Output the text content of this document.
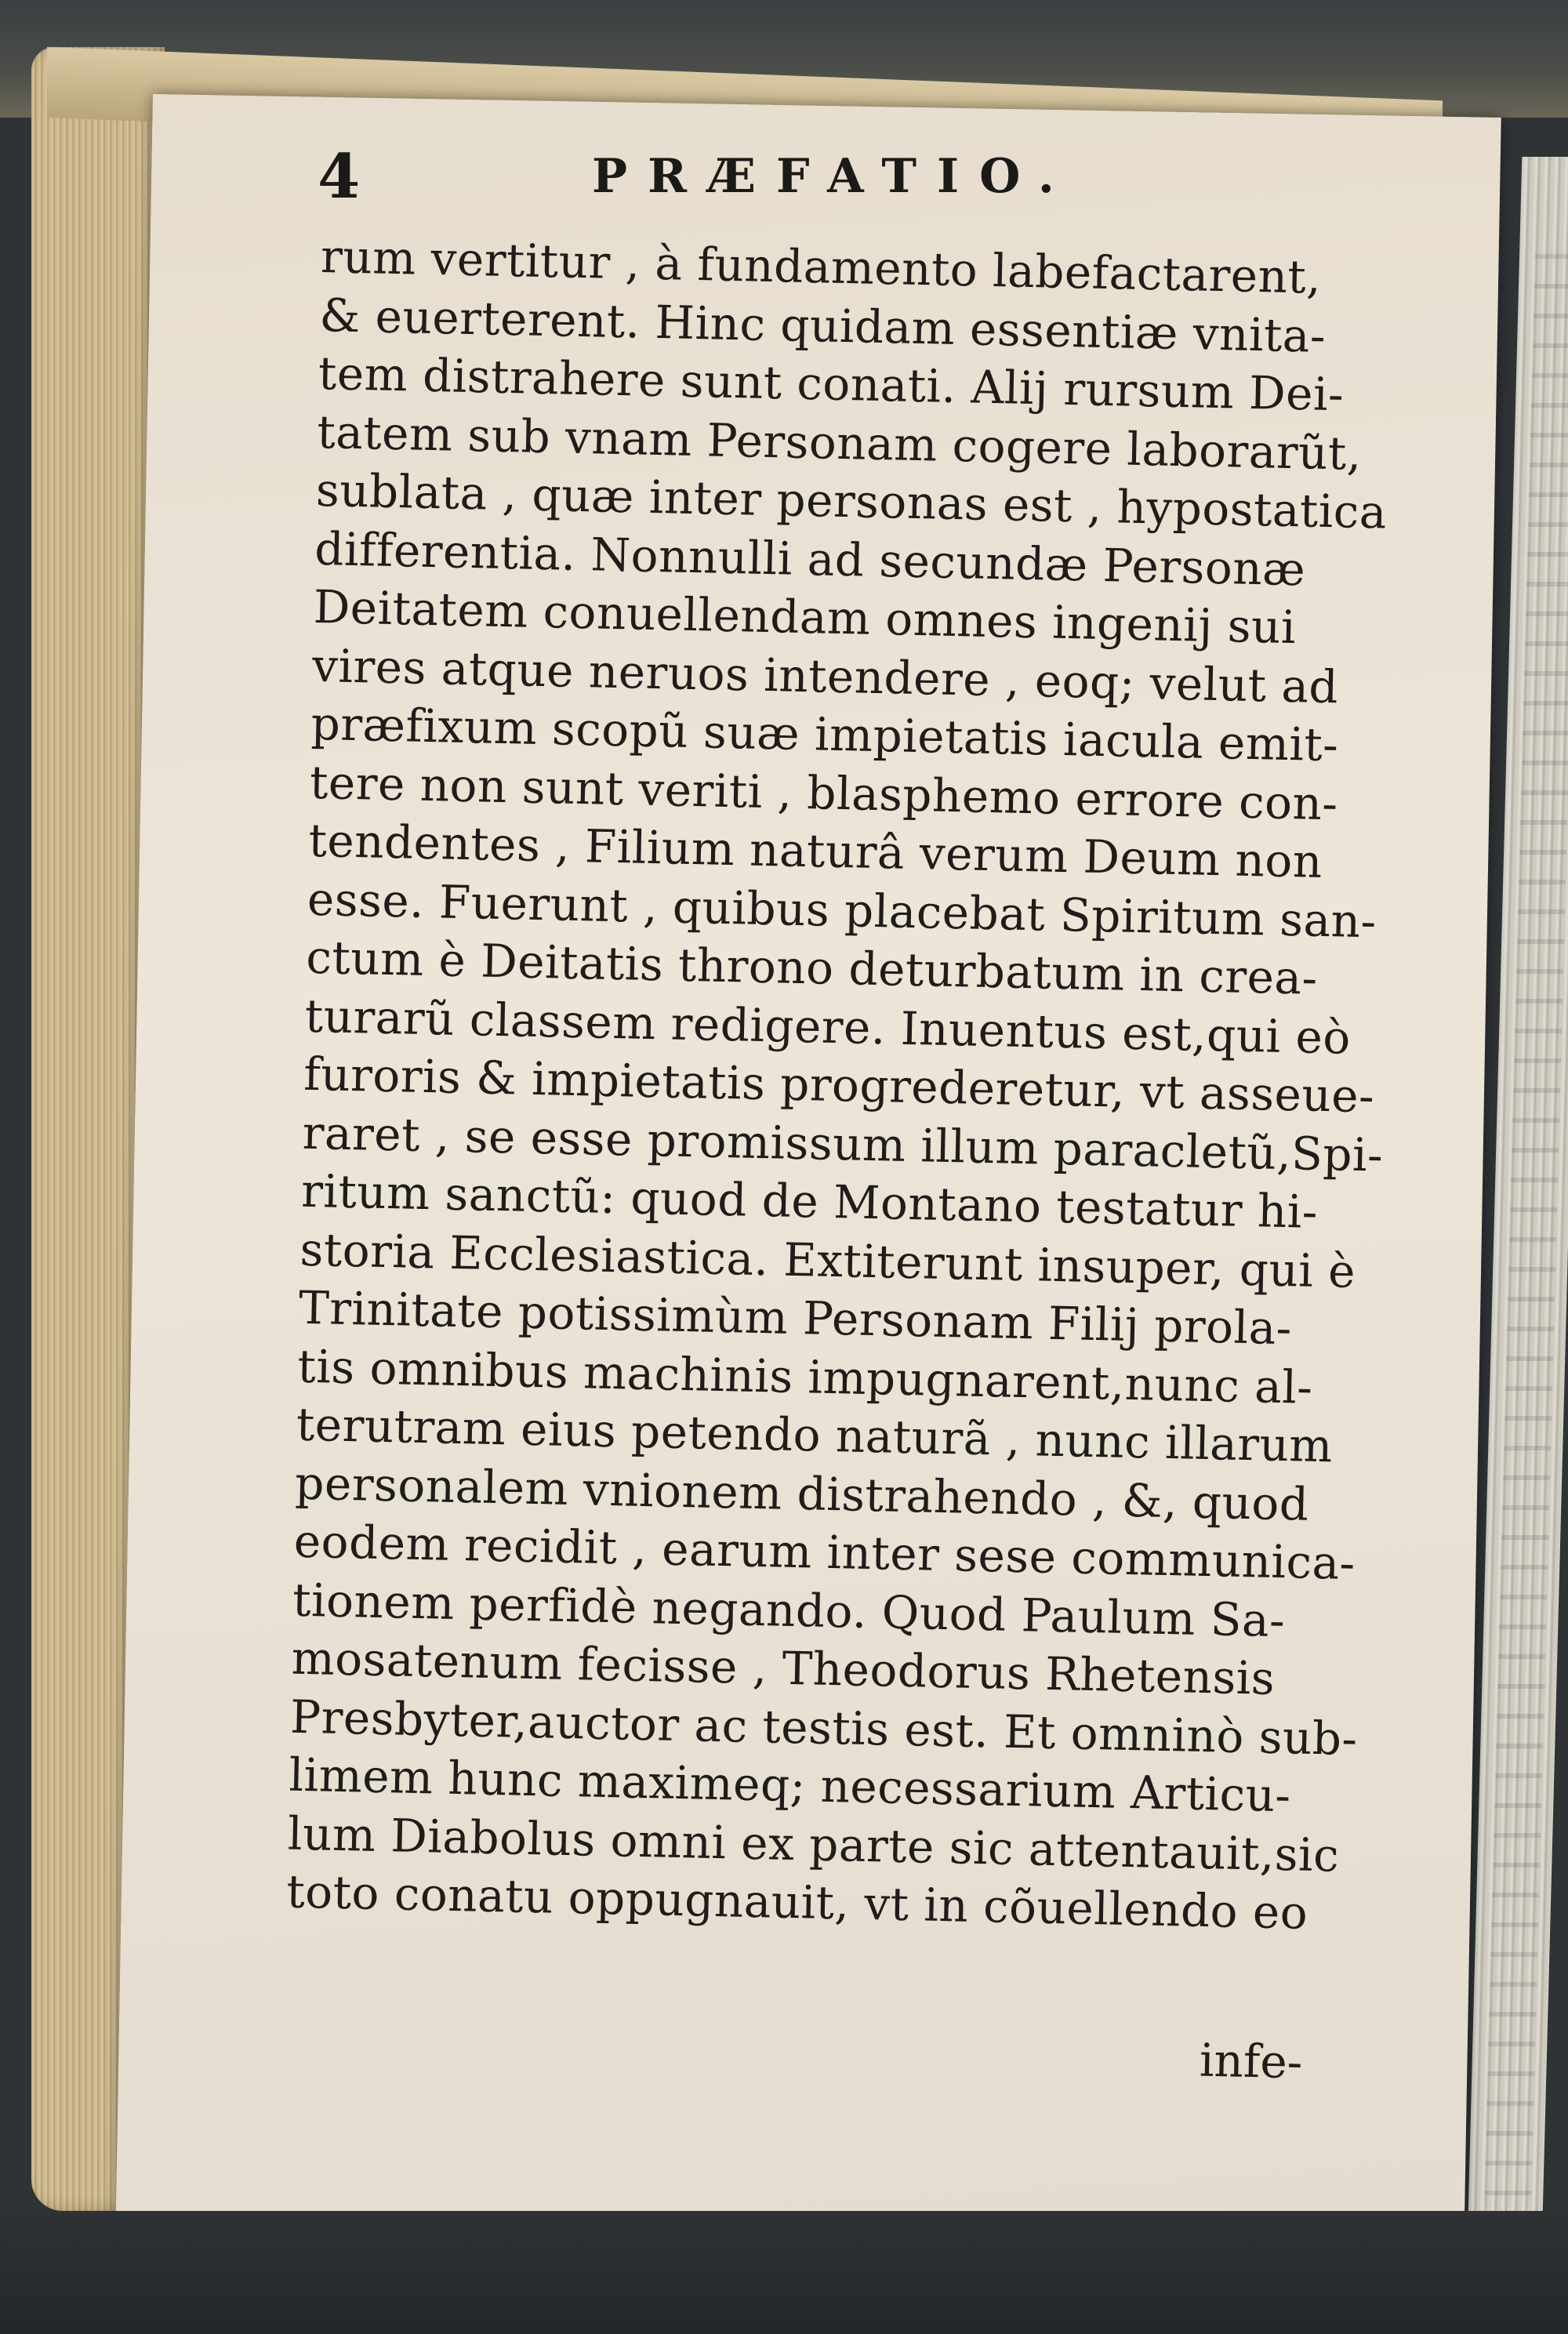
4	PRÆFATIO.
rum vertitur , à fundamento labefactarent,
& euerterent. Hinc quidam essentiæ vnita-
tem distrahere sunt conati. Alij rursum Dei-
tatem sub vnam Personam cogere laborarũt,
sublata , quæ inter personas est , hypostatica
differentia. Nonnulli ad secundæ Personæ
Deitatem conuellendam omnes ingenij sui
vires atque neruos intendere , eoq; velut ad
præfixum scopũ suæ impietatis iacula emit-
tere non sunt veriti , blasphemo errore con-
tendentes , Filium naturâ verum Deum non
esse. Fuerunt , quibus placebat Spiritum san-
ctum è Deitatis throno deturbatum in crea-
turarũ classem redigere. Inuentus est,qui eò
furoris & impietatis progrederetur, vt asseue-
raret , se esse promissum illum paracletũ,Spi-
ritum sanctũ: quod de Montano testatur hi-
storia Ecclesiastica. Extiterunt insuper, qui è
Trinitate potissimùm Personam Filij prola-
tis omnibus machinis impugnarent,nunc al-
terutram eius petendo naturã , nunc illarum
personalem vnionem distrahendo , &, quod
eodem recidit , earum inter sese communica-
tionem perfidè negando. Quod Paulum Sa-
mosatenum fecisse , Theodorus Rhetensis
Presbyter,auctor ac testis est. Et omninò sub-
limem hunc maximeq; necessarium Articu-
lum Diabolus omni ex parte sic attentauit,sic
toto conatu oppugnauit, vt in cõuellendo eo
infe-
